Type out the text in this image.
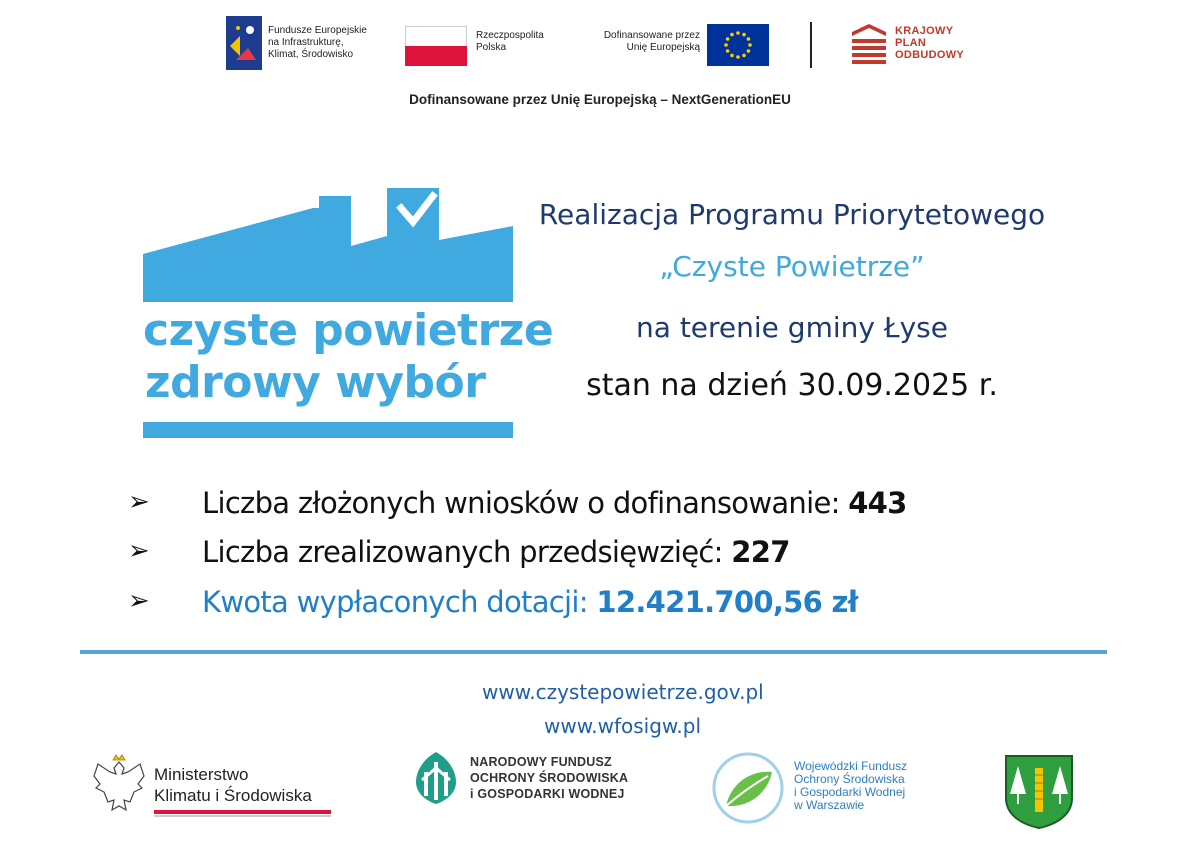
Fundusze Europejskie
na Infrastrukturę,
Klimat, Środowisko
Rzeczpospolita
Polska
Dofinansowane przez
Unię Europejską
KRAJOWY
PLAN
ODBUDOWY
Dofinansowane przez Unię Europejską – NextGenerationEU
czyste powietrze
zdrowy wybór
Realizacja Programu Priorytetowego
„Czyste Powietrze”
na terenie gminy Łyse
stan na dzień 30.09.2025 r.
➢ Liczba złożonych wniosków o dofinansowanie: 443
➢ Liczba zrealizowanych przedsięwzięć: 227
➢ Kwota wypłaconych dotacji: 12.421.700,56 zł
www.czystepowietrze.gov.pl
www.wfosigw.pl
Ministerstwo
Klimatu i Środowiska
NARODOWY FUNDUSZ
OCHRONY ŚRODOWISKA
i GOSPODARKI WODNEJ
Wojewódzki Fundusz
Ochrony Środowiska
i Gospodarki Wodnej
w Warszawie
